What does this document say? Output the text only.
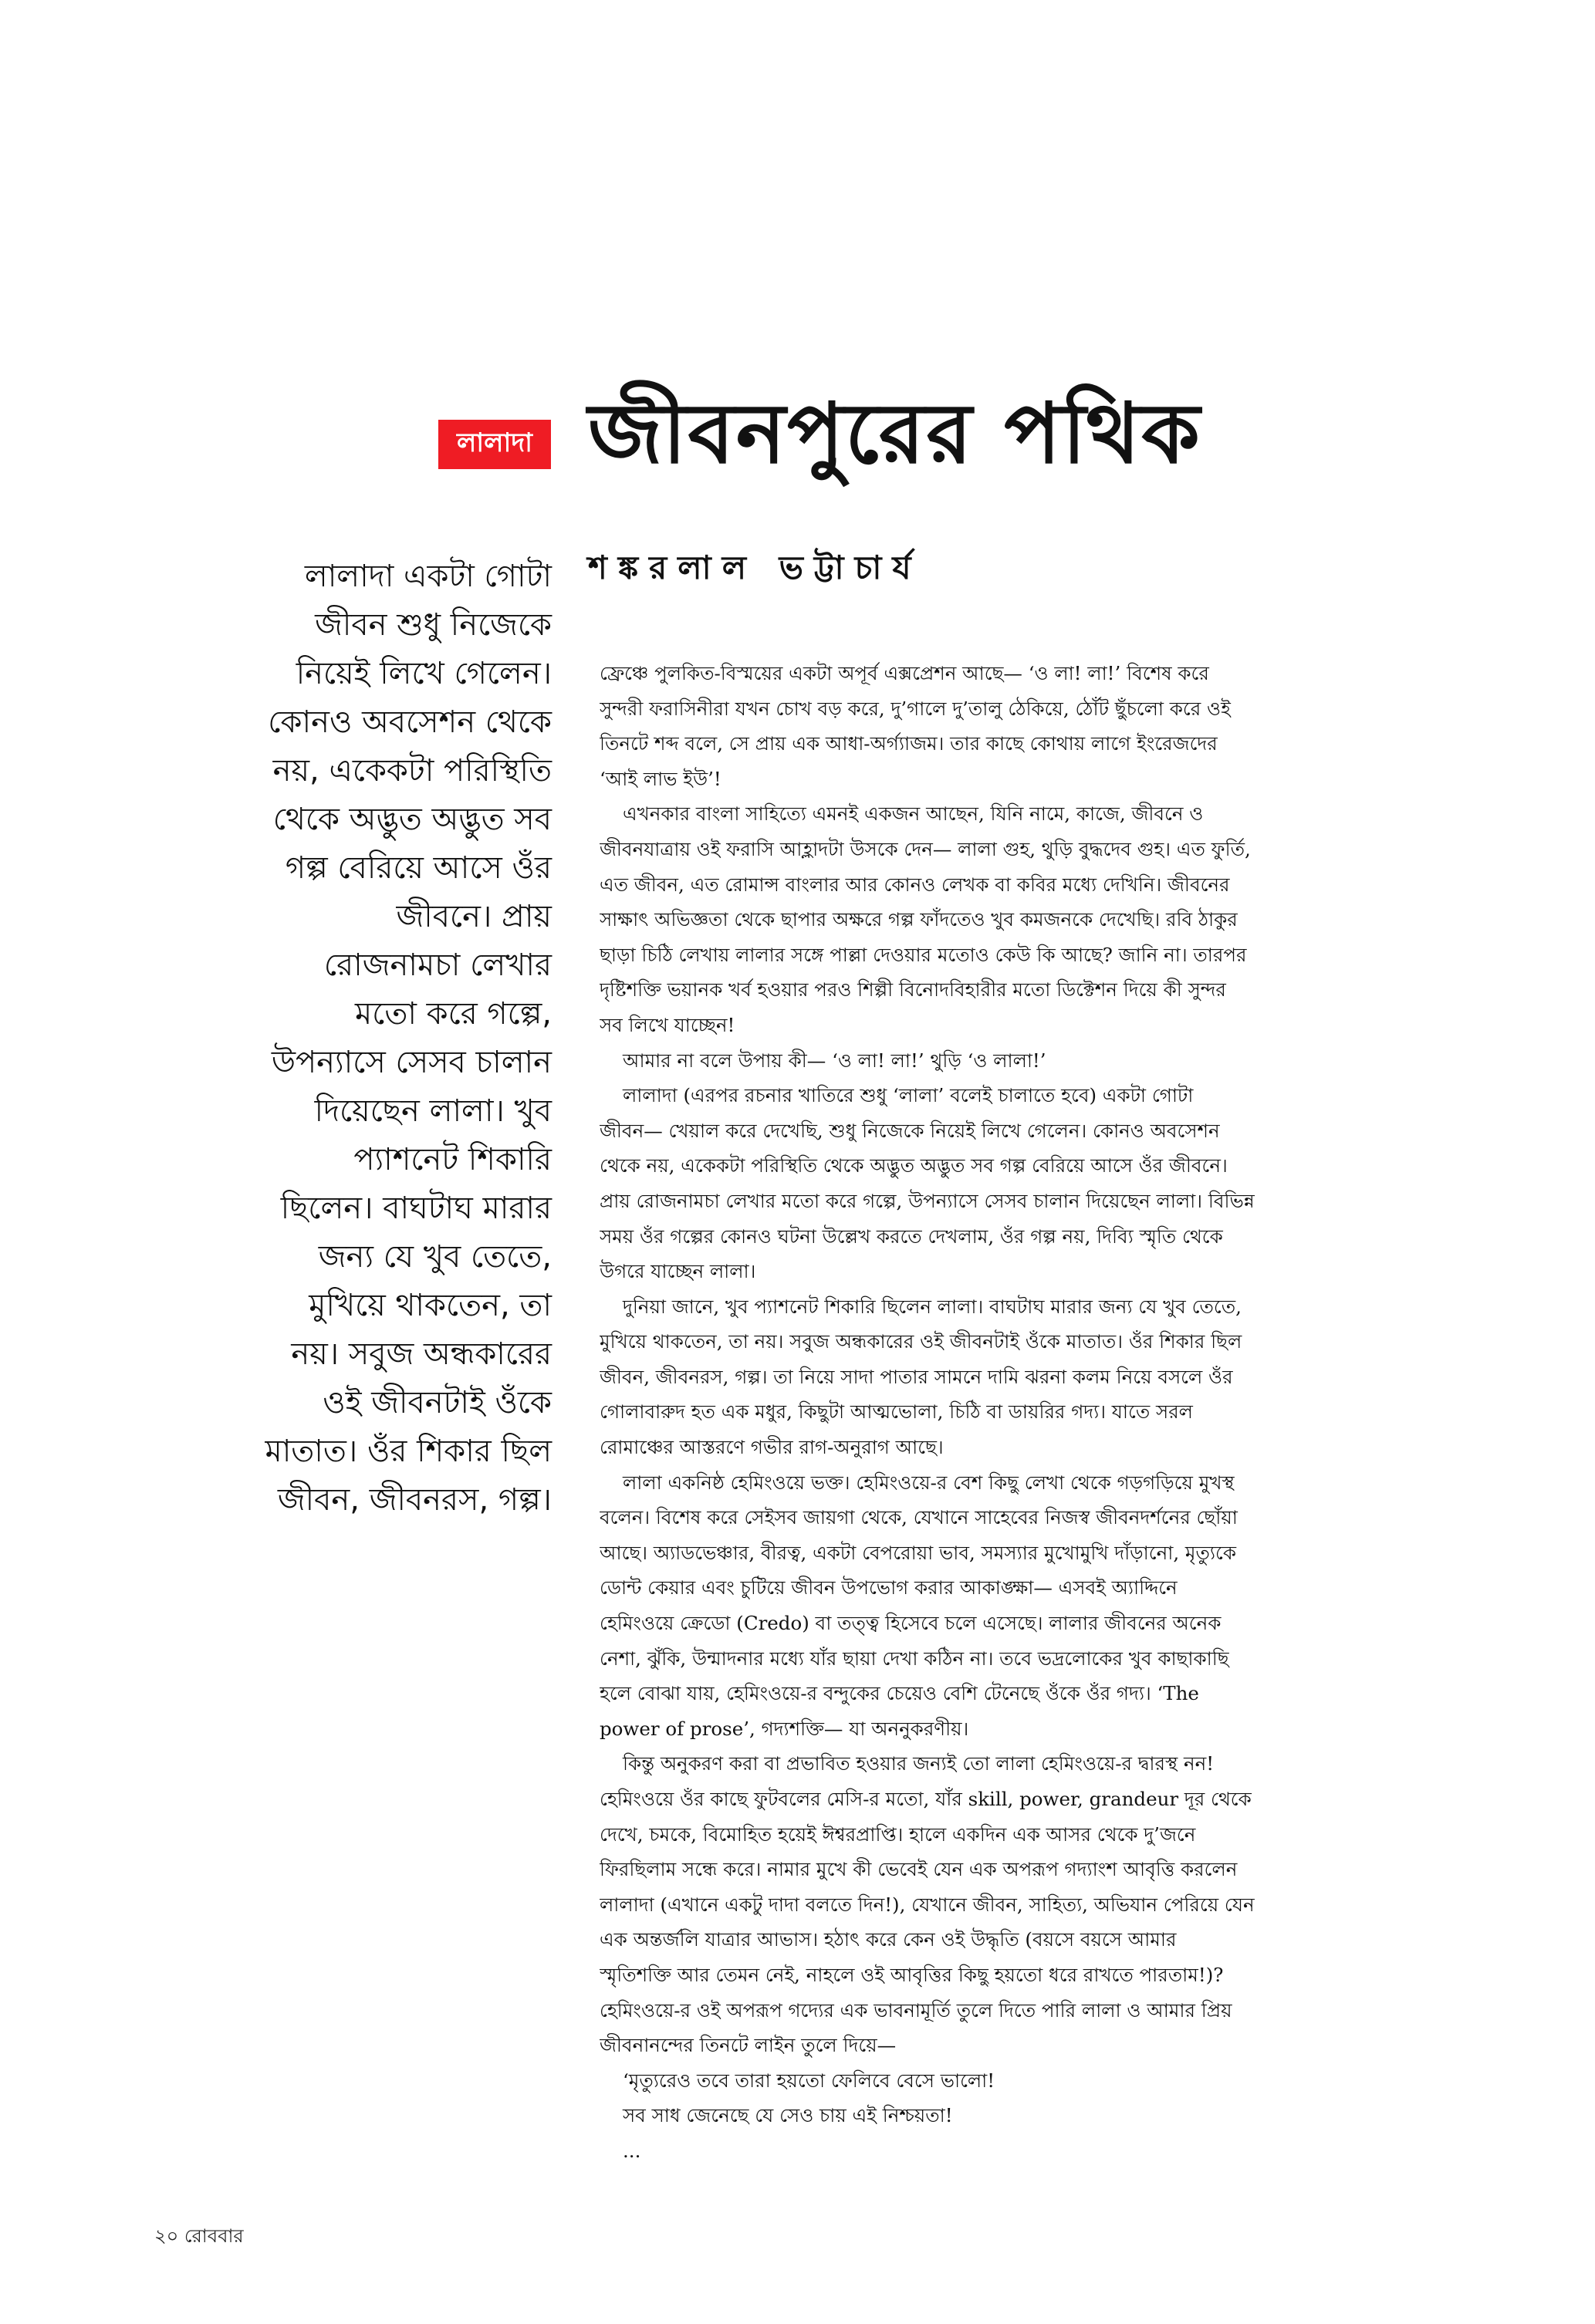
লালাদা জীবনপুরের পথিক
শঙ্করলাল ভট্টাচার্য
লালাদা একটা গোটা
জীবন শুধু নিজেকে
নিয়েই লিখে গেলেন।
কোনও অবসেশন থেকে
নয়, একেকটা পরিস্থিতি
থেকে অদ্ভুত অদ্ভুত সব
গল্প বেরিয়ে আসে ওঁর
জীবনে। প্রায়
রোজনামচা লেখার
মতো করে গল্পে,
উপন্যাসে সেসব চালান
দিয়েছেন লালা। খুব
প্যাশনেট শিকারি
ছিলেন। বাঘটাঘ মারার
জন্য যে খুব তেতে,
মুখিয়ে থাকতেন, তা
নয়। সবুজ অন্ধকারের
ওই জীবনটাই ওঁকে
মাতাত। ওঁর শিকার ছিল
জীবন, জীবনরস, গল্প।
ফ্রেঞ্চে পুলকিত-বিস্ময়ের একটা অপূর্ব এক্সপ্রেশন আছে— ‘ও লা! লা!’ বিশেষ করে
সুন্দরী ফরাসিনীরা যখন চোখ বড় করে, দু’গালে দু’তালু ঠেকিয়ে, ঠোঁট ছুঁচলো করে ওই
তিনটে শব্দ বলে, সে প্রায় এক আধা-অর্গ্যাজম। তার কাছে কোথায় লাগে ইংরেজদের
‘আই লাভ ইউ’!
এখনকার বাংলা সাহিত্যে এমনই একজন আছেন, যিনি নামে, কাজে, জীবনে ও
জীবনযাত্রায় ওই ফরাসি আহ্লাদটা উসকে দেন— লালা গুহ, থুড়ি বুদ্ধদেব গুহ। এত ফুর্তি,
এত জীবন, এত রোমান্স বাংলার আর কোনও লেখক বা কবির মধ্যে দেখিনি। জীবনের
সাক্ষাৎ অভিজ্ঞতা থেকে ছাপার অক্ষরে গল্প ফাঁদতেও খুব কমজনকে দেখেছি। রবি ঠাকুর
ছাড়া চিঠি লেখায় লালার সঙ্গে পাল্লা দেওয়ার মতোও কেউ কি আছে? জানি না। তারপর
দৃষ্টিশক্তি ভয়ানক খর্ব হওয়ার পরও শিল্পী বিনোদবিহারীর মতো ডিক্টেশন দিয়ে কী সুন্দর
সব লিখে যাচ্ছেন!
আমার না বলে উপায় কী— ‘ও লা! লা!’ থুড়ি ‘ও লালা!’
লালাদা (এরপর রচনার খাতিরে শুধু ‘লালা’ বলেই চালাতে হবে) একটা গোটা
জীবন— খেয়াল করে দেখেছি, শুধু নিজেকে নিয়েই লিখে গেলেন। কোনও অবসেশন
থেকে নয়, একেকটা পরিস্থিতি থেকে অদ্ভুত অদ্ভুত সব গল্প বেরিয়ে আসে ওঁর জীবনে।
প্রায় রোজনামচা লেখার মতো করে গল্পে, উপন্যাসে সেসব চালান দিয়েছেন লালা। বিভিন্ন
সময় ওঁর গল্পের কোনও ঘটনা উল্লেখ করতে দেখলাম, ওঁর গল্প নয়, দিব্যি স্মৃতি থেকে
উগরে যাচ্ছেন লালা।
দুনিয়া জানে, খুব প্যাশনেট শিকারি ছিলেন লালা। বাঘটাঘ মারার জন্য যে খুব তেতে,
মুখিয়ে থাকতেন, তা নয়। সবুজ অন্ধকারের ওই জীবনটাই ওঁকে মাতাত। ওঁর শিকার ছিল
জীবন, জীবনরস, গল্প। তা নিয়ে সাদা পাতার সামনে দামি ঝরনা কলম নিয়ে বসলে ওঁর
গোলাবারুদ হত এক মধুর, কিছুটা আত্মভোলা, চিঠি বা ডায়রির গদ্য। যাতে সরল
রোমাঞ্চের আস্তরণে গভীর রাগ-অনুরাগ আছে।
লালা একনিষ্ঠ হেমিংওয়ে ভক্ত। হেমিংওয়ে-র বেশ কিছু লেখা থেকে গড়গড়িয়ে মুখস্থ
বলেন। বিশেষ করে সেইসব জায়গা থেকে, যেখানে সাহেবের নিজস্ব জীবনদর্শনের ছোঁয়া
আছে। অ্যাডভেঞ্চার, বীরত্ব, একটা বেপরোয়া ভাব, সমস্যার মুখোমুখি দাঁড়ানো, মৃত্যুকে
ডোন্ট কেয়ার এবং চুটিয়ে জীবন উপভোগ করার আকাঙ্ক্ষা— এসবই অ্যাদ্দিনে
হেমিংওয়ে ক্রেডো (Credo) বা তত্ত্ব হিসেবে চলে এসেছে। লালার জীবনের অনেক
নেশা, ঝুঁকি, উন্মাদনার মধ্যে যাঁর ছায়া দেখা কঠিন না। তবে ভদ্রলোকের খুব কাছাকাছি
হলে বোঝা যায়, হেমিংওয়ে-র বন্দুকের চেয়েও বেশি টেনেছে ওঁকে ওঁর গদ্য। ‘The
power of prose’, গদ্যশক্তি— যা অননুকরণীয়।
কিন্তু অনুকরণ করা বা প্রভাবিত হওয়ার জন্যই তো লালা হেমিংওয়ে-র দ্বারস্থ নন!
হেমিংওয়ে ওঁর কাছে ফুটবলের মেসি-র মতো, যাঁর skill, power, grandeur দূর থেকে
দেখে, চমকে, বিমোহিত হয়েই ঈশ্বরপ্রাপ্তি। হালে একদিন এক আসর থেকে দু’জনে
ফিরছিলাম সন্ধে করে। নামার মুখে কী ভেবেই যেন এক অপরূপ গদ্যাংশ আবৃত্তি করলেন
লালাদা (এখানে একটু দাদা বলতে দিন!), যেখানে জীবন, সাহিত্য, অভিযান পেরিয়ে যেন
এক অন্তর্জলি যাত্রার আভাস। হঠাৎ করে কেন ওই উদ্ধৃতি (বয়সে বয়সে আমার
স্মৃতিশক্তি আর তেমন নেই, নাহলে ওই আবৃত্তির কিছু হয়তো ধরে রাখতে পারতাম!)?
হেমিংওয়ে-র ওই অপরূপ গদ্যের এক ভাবনামূর্তি তুলে দিতে পারি লালা ও আমার প্রিয়
জীবনানন্দের তিনটে লাইন তুলে দিয়ে—
‘মৃত্যুরেও তবে তারা হয়তো ফেলিবে বেসে ভালো!
সব সাধ জেনেছে যে সেও চায় এই নিশ্চয়তা!
...
২০ রোববার
